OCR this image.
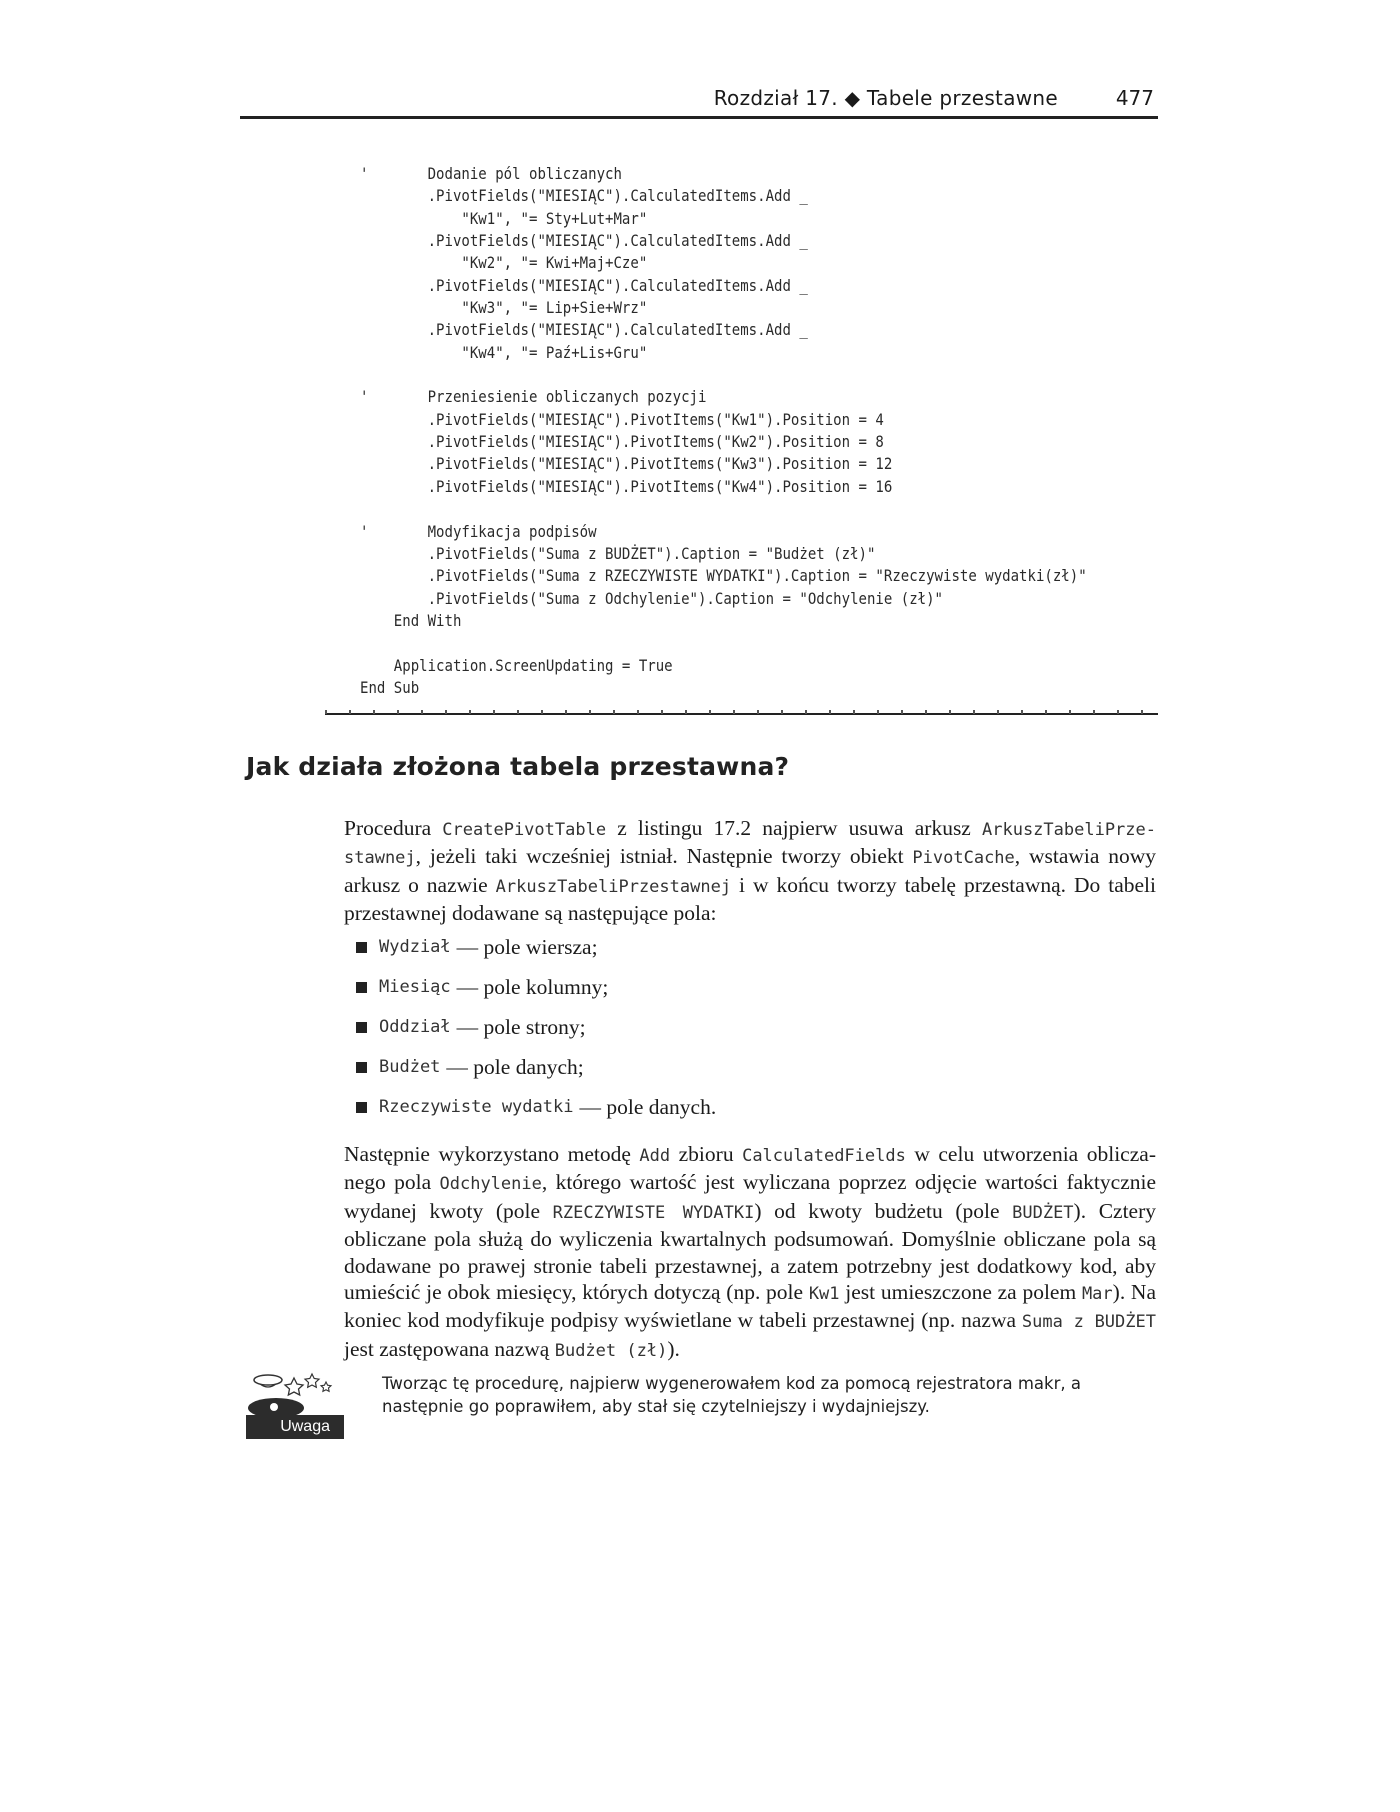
Rozdział 17. ◆ Tabele przestawne	477
'       Dodanie pól obliczanych
.PivotFields("MIESIĄC").CalculatedItems.Add _
"Kw1", "= Sty+Lut+Mar"
.PivotFields("MIESIĄC").CalculatedItems.Add _
"Kw2", "= Kwi+Maj+Cze"
.PivotFields("MIESIĄC").CalculatedItems.Add _
"Kw3", "= Lip+Sie+Wrz"
.PivotFields("MIESIĄC").CalculatedItems.Add _
"Kw4", "= Paź+Lis+Gru"
'       Przeniesienie obliczanych pozycji
.PivotFields("MIESIĄC").PivotItems("Kw1").Position = 4
.PivotFields("MIESIĄC").PivotItems("Kw2").Position = 8
.PivotFields("MIESIĄC").PivotItems("Kw3").Position = 12
.PivotFields("MIESIĄC").PivotItems("Kw4").Position = 16
'       Modyfikacja podpisów
.PivotFields("Suma z BUDŻET").Caption = "Budżet (zł)"
.PivotFields("Suma z RZECZYWISTE WYDATKI").Caption = "Rzeczywiste wydatki(zł)"
.PivotFields("Suma z Odchylenie").Caption = "Odchylenie (zł)"
End With
Application.ScreenUpdating = True
End Sub
Jak działa złożona tabela przestawna?
Procedura CreatePivotTable z listingu 17.2 najpierw usuwa arkusz ArkuszTabeliPrze-stawnej, jeżeli taki wcześniej istniał. Następnie tworzy obiekt PivotCache, wstawia nowy arkusz o nazwie ArkuszTabeliPrzestawnej i w końcu tworzy tabelę przestawną. Do tabeli przestawnej dodawane są następujące pola:
Wydział — pole wiersza;
Miesiąc — pole kolumny;
Oddział — pole strony;
Budżet — pole danych;
Rzeczywiste wydatki — pole danych.
Następnie wykorzystano metodę Add zbioru CalculatedFields w celu utworzenia oblicza-nego pola Odchylenie, którego wartość jest wyliczana poprzez odjęcie wartości faktycznie wydanej kwoty (pole RZECZYWISTE WYDATKI) od kwoty budżetu (pole BUDŻET). Cztery obliczane pola służą do wyliczenia kwartalnych podsumowań. Domyślnie obliczane pola są dodawane po prawej stronie tabeli przestawnej, a zatem potrzebny jest dodatkowy kod, aby umieścić je obok miesięcy, których dotyczą (np. pole Kw1 jest umieszczone za polem Mar). Na koniec kod modyfikuje podpisy wyświetlane w tabeli przestawnej (np. nazwa Suma z BUDŻET jest zastępowana nazwą Budżet (zł)).
Uwaga
Tworząc tę procedurę, najpierw wygenerowałem kod za pomocą rejestratora makr, a następnie go poprawiłem, aby stał się czytelniejszy i wydajniejszy.
